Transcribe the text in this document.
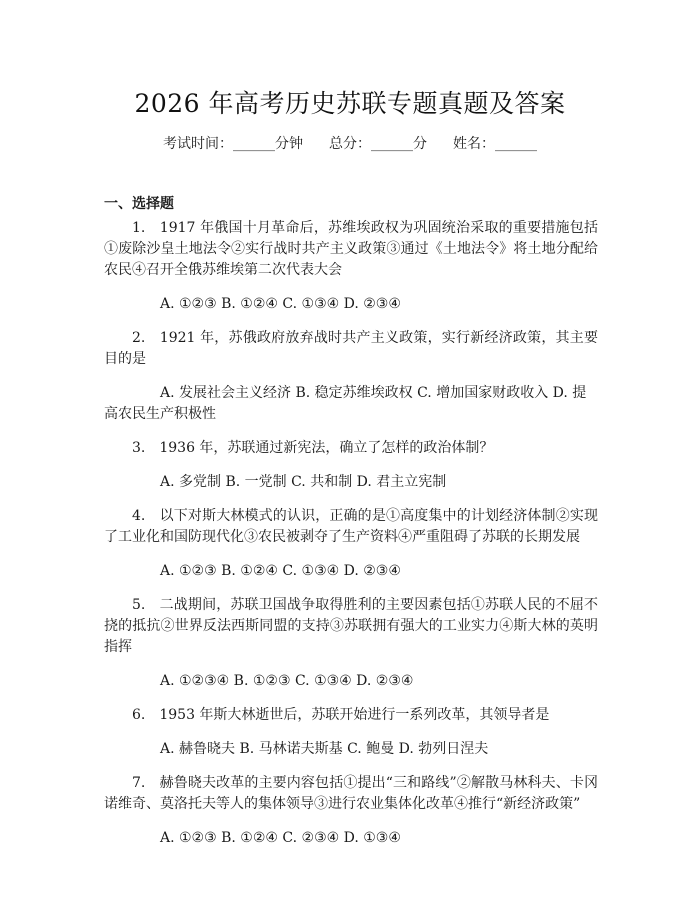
2026 年高考历史苏联专题真题及答案
考试时间：______分钟 总分：______分 姓名：______
一、选择题

1.　1917 年俄国十月革命后，苏维埃政权为巩固统治采取的重要措施包括①废除沙皇土地法令②实行战时共产主义政策③通过《土地法令》将土地分配给农民④召开全俄苏维埃第二次代表大会

A. ①②③ B. ①②④ C. ①③④ D. ②③④

2.　1921 年，苏俄政府放弃战时共产主义政策，实行新经济政策，其主要目的是

A. 发展社会主义经济 B. 稳定苏维埃政权 C. 增加国家财政收入 D. 提高农民生产积极性

3.　1936 年，苏联通过新宪法，确立了怎样的政治体制？

A. 多党制 B. 一党制 C. 共和制 D. 君主立宪制

4.　以下对斯大林模式的认识，正确的是①高度集中的计划经济体制②实现了工业化和国防现代化③农民被剥夺了生产资料④严重阻碍了苏联的长期发展

A. ①②③ B. ①②④ C. ①③④ D. ②③④

5.　二战期间，苏联卫国战争取得胜利的主要因素包括①苏联人民的不屈不挠的抵抗②世界反法西斯同盟的支持③苏联拥有强大的工业实力④斯大林的英明指挥

A. ①②③④ B. ①②③ C. ①③④ D. ②③④

6.　1953 年斯大林逝世后，苏联开始进行一系列改革，其领导者是

A. 赫鲁晓夫 B. 马林诺夫斯基 C. 鲍曼 D. 勃列日涅夫

7.　赫鲁晓夫改革的主要内容包括①提出“三和路线”②解散马林科夫、卡冈诺维奇、莫洛托夫等人的集体领导③进行农业集体化改革④推行“新经济政策”

A. ①②③ B. ①②④ C. ②③④ D. ①③④
